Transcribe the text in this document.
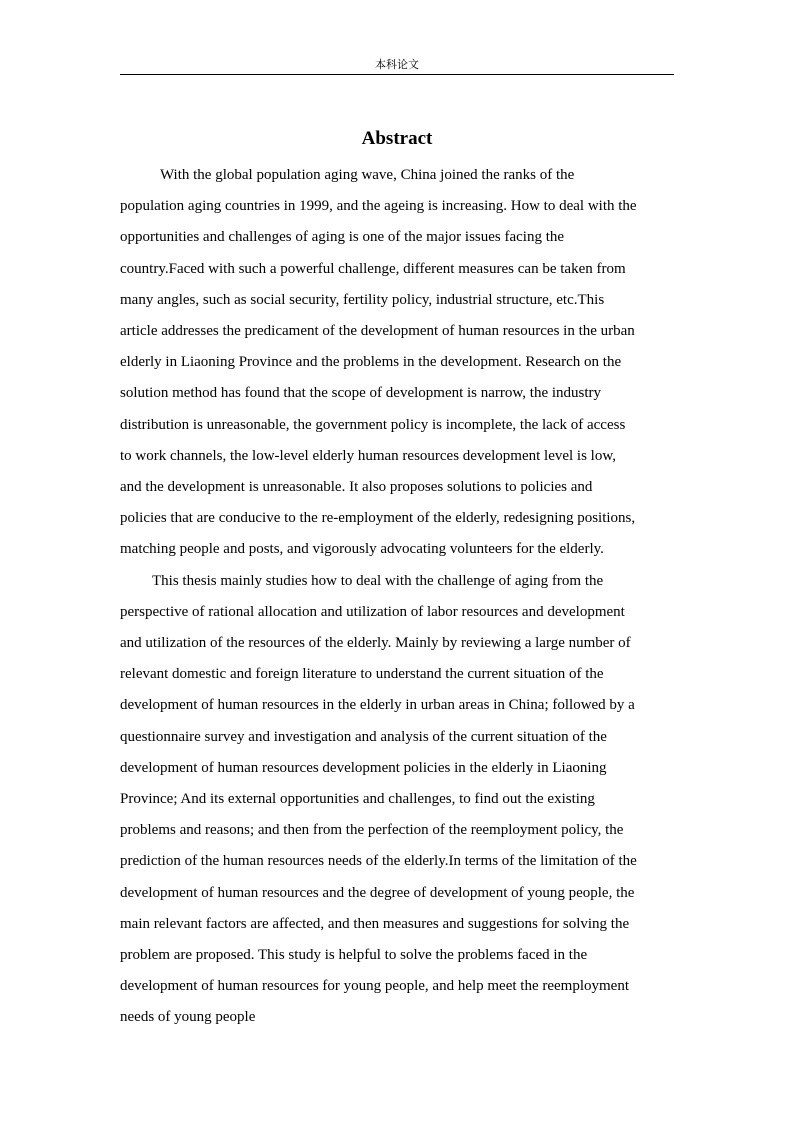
本科论文
Abstract

With the global population aging wave, China joined the ranks of the
population aging countries in 1999, and the ageing is increasing. How to deal with the
opportunities and challenges of aging is one of the major issues facing the
country.Faced with such a powerful challenge, different measures can be taken from
many angles, such as social security, fertility policy, industrial structure, etc.This
article addresses the predicament of the development of human resources in the urban
elderly in Liaoning Province and the problems in the development. Research on the
solution method has found that the scope of development is narrow, the industry
distribution is unreasonable, the government policy is incomplete, the lack of access
to work channels, the low-level elderly human resources development level is low,
and the development is unreasonable. It also proposes solutions to policies and
policies that are conducive to the re-employment of the elderly, redesigning positions,
matching people and posts, and vigorously advocating volunteers for the elderly.

This thesis mainly studies how to deal with the challenge of aging from the
perspective of rational allocation and utilization of labor resources and development
and utilization of the resources of the elderly. Mainly by reviewing a large number of
relevant domestic and foreign literature to understand the current situation of the
development of human resources in the elderly in urban areas in China; followed by a
questionnaire survey and investigation and analysis of the current situation of the
development of human resources development policies in the elderly in Liaoning
Province; And its external opportunities and challenges, to find out the existing
problems and reasons; and then from the perfection of the reemployment policy, the
prediction of the human resources needs of the elderly.In terms of the limitation of the
development of human resources and the degree of development of young people, the
main relevant factors are affected, and then measures and suggestions for solving the
problem are proposed. This study is helpful to solve the problems faced in the
development of human resources for young people, and help meet the reemployment
needs of young people
